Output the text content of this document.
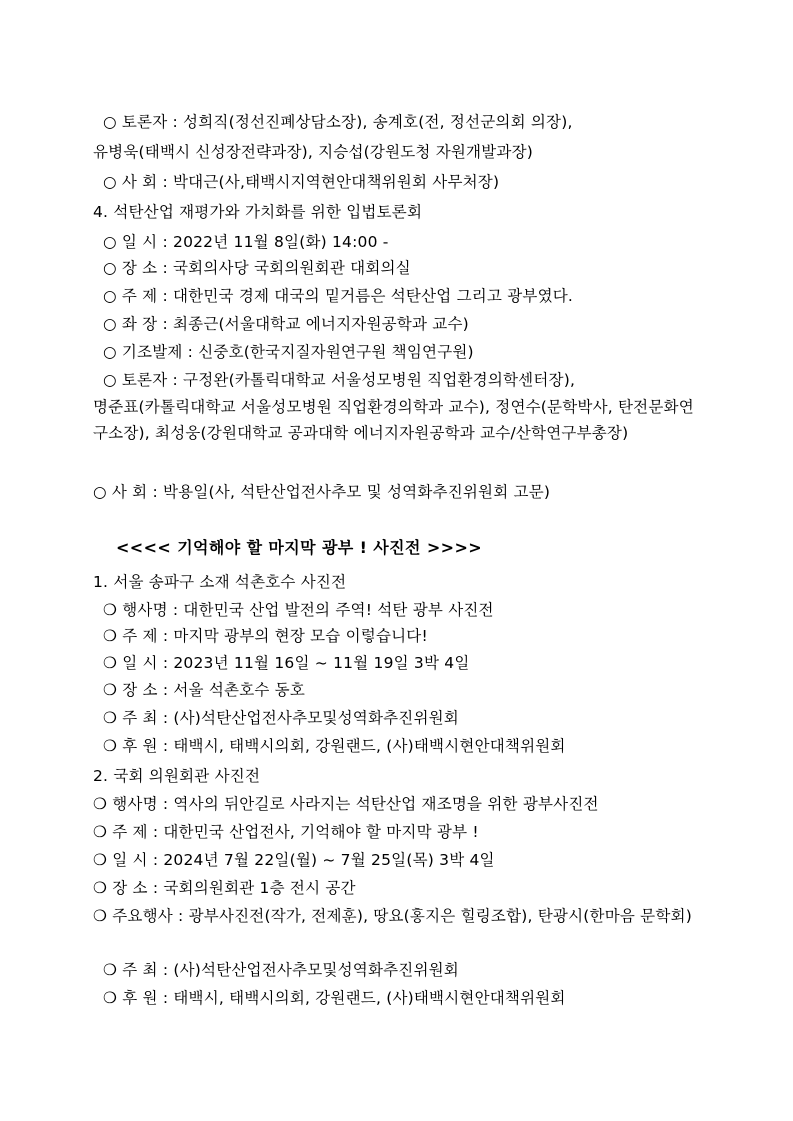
○ 토론자 : 성희직(정선진폐상담소장), 송계호(전, 정선군의회 의장),
유병욱(태백시 신성장전략과장), 지승섭(강원도청 자원개발과장)
○ 사 회 : 박대근(사,태백시지역현안대책위원회 사무처장)
4. 석탄산업 재평가와 가치화를 위한 입법토론회
○ 일 시 : 2022년 11월 8일(화) 14:00 -
○ 장 소 : 국회의사당 국회의원회관 대회의실
○ 주 제 : 대한민국 경제 대국의 밑거름은 석탄산업 그리고 광부였다.
○ 좌 장 : 최종근(서울대학교 에너지자원공학과 교수)
○ 기조발제 : 신중호(한국지질자원연구원 책임연구원)
○ 토론자 : 구정완(카톨릭대학교 서울성모병원 직업환경의학센터장),
명준표(카톨릭대학교 서울성모병원 직업환경의학과 교수), 정연수(문학박사, 탄전문화연구소장), 최성웅(강원대학교 공과대학 에너지자원공학과 교수/산학연구부총장)
○ 사 회 : 박용일(사, 석탄산업전사추모 및 성역화추진위원회 고문)
<<<< 기억해야 할 마지막 광부 ! 사진전 >>>>
1. 서울 송파구 소재 석촌호수 사진전
❍ 행사명 : 대한민국 산업 발전의 주역! 석탄 광부 사진전
❍ 주 제 : 마지막 광부의 현장 모습 이렇습니다!
❍ 일 시 : 2023년 11월 16일 ~ 11월 19일 3박 4일
❍ 장 소 : 서울 석촌호수 동호
❍ 주 최 : (사)석탄산업전사추모및성역화추진위원회
❍ 후 원 : 태백시, 태백시의회, 강원랜드, (사)태백시현안대책위원회
2. 국회 의원회관 사진전
❍ 행사명 : 역사의 뒤안길로 사라지는 석탄산업 재조명을 위한 광부사진전
❍ 주 제 : 대한민국 산업전사, 기억해야 할 마지막 광부 !
❍ 일 시 : 2024년 7월 22일(월) ~ 7월 25일(목) 3박 4일
❍ 장 소 : 국회의원회관 1층 전시 공간
❍ 주요행사 : 광부사진전(작가, 전제훈), 땅요(홍지은 힐링조합), 탄광시(한마음 문학회)
❍ 주 최 : (사)석탄산업전사추모및성역화추진위원회
❍ 후 원 : 태백시, 태백시의회, 강원랜드, (사)태백시현안대책위원회
